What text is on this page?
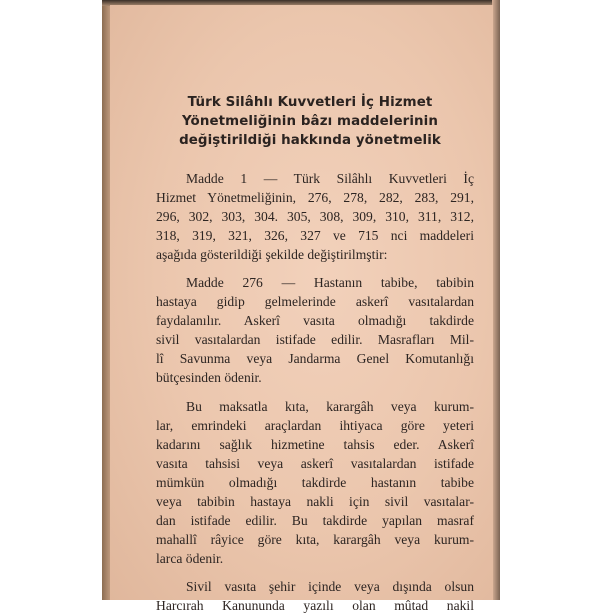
Türk Silâhlı Kuvvetleri İç Hizmet
Yönetmeliğinin bâzı maddelerinin
değiştirildiği hakkında yönetmelik
Madde 1 — Türk Silâhlı Kuvvetleri İç
Hizmet Yönetmeliğinin, 276, 278, 282, 283, 291,
296, 302, 303, 304. 305, 308, 309, 310, 311, 312,
318, 319, 321, 326, 327 ve 715 nci maddeleri
aşağıda gösterildiği şekilde değiştirilmştir:
Madde 276 — Hastanın tabibe, tabibin
hastaya gidip gelmelerinde askerî vasıtalardan
faydalanılır. Askerî vasıta olmadığı takdirde
sivil vasıtalardan istifade edilir. Masrafları Mil-
lî Savunma veya Jandarma Genel Komutanlığı
bütçesinden ödenir.
Bu maksatla kıta, karargâh veya kurum-
lar, emrindeki araçlardan ihtiyaca göre yeteri
kadarını sağlık hizmetine tahsis eder. Askerî
vasıta tahsisi veya askerî vasıtalardan istifade
mümkün olmadığı takdirde hastanın tabibe
veya tabibin hastaya nakli için sivil vasıtalar-
dan istifade edilir. Bu takdirde yapılan masraf
mahallî râyice göre kıta, karargâh veya kurum-
larca ödenir.
Sivil vasıta şehir içinde veya dışında olsun
Harcırah Kanununda yazılı olan mûtad nakil
